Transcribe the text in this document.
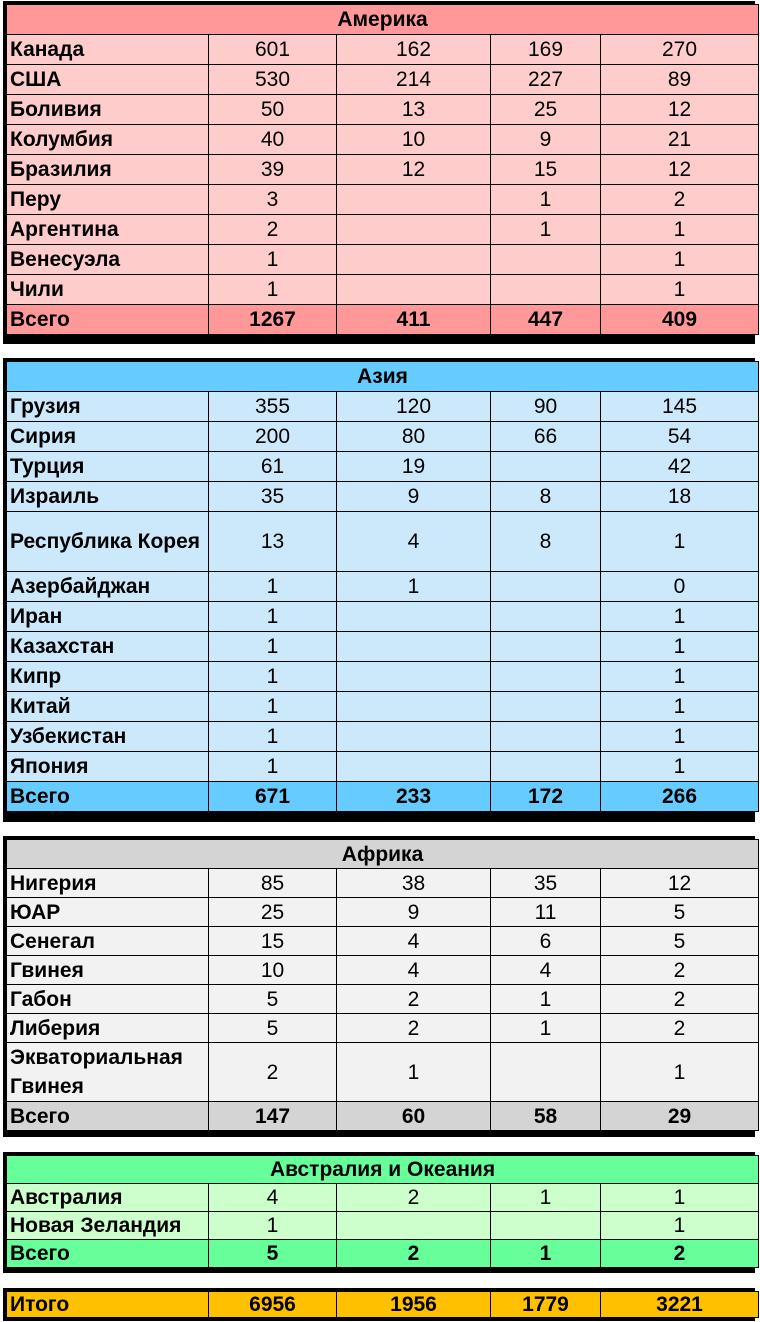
Америка				
Канада	601	162	169	270
США	530	214	227	89
Боливия	50	13	25	12
Колумбия	40	10	9	21
Бразилия	39	12	15	12
Перу	3		1	2
Аргентина	2		1	1
Венесуэла	1			1
Чили	1			1
Всего	1267	411	447	409
Азия				
Грузия	355	120	90	145
Сирия	200	80	66	54
Турция	61	19		42
Израиль	35	9	8	18
Республика Корея	13	4	8	1
Азербайджан	1	1		0
Иран	1			1
Казахстан	1			1
Кипр	1			1
Китай	1			1
Узбекистан	1			1
Япония	1			1
Всего	671	233	172	266
Африка				
Нигерия	85	38	35	12
ЮАР	25	9	11	5
Сенегал	15	4	6	5
Гвинея	10	4	4	2
Габон	5	2	1	2
Либерия	5	2	1	2
Экваториальная Гвинея	2	1		1
Всего	147	60	58	29
Австралия и Океания				
Австралия	4	2	1	1
Новая Зеландия	1			1
Всего	5	2	1	2
Итого	6956	1956	1779	3221
